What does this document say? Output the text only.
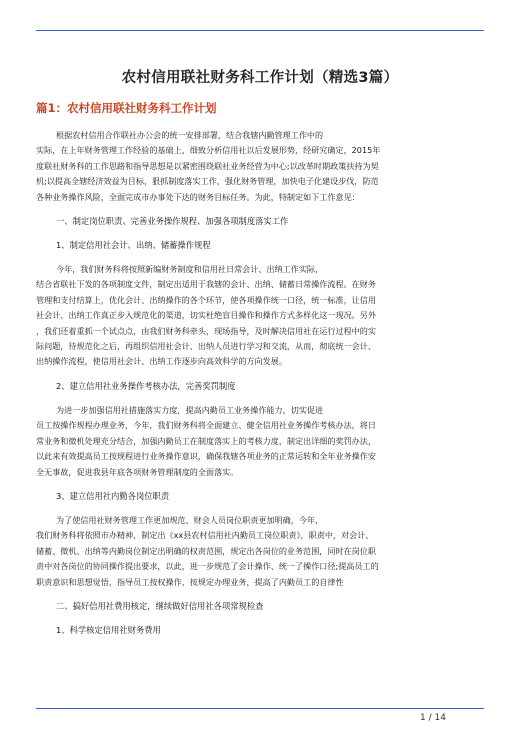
农村信用联社财务科工作计划（精选3篇）
篇1：农村信用联社财务科工作计划
根据农村信用合作联社办公会的统一安排部署，结合我辖内勤管理工作中的
实际，在上年财务管理工作经验的基础上，细致分析信用社以后发展形势，经研究确定，2015年
度联社财务科的工作思路和指导思想是以紧密围绕联社业务经营为中心;以改革时期政策扶持为契
机;以提高全辖经济效益为目标，狠抓制度落实工作，强化财务管理，加快电子化建设步伐，防范
各种业务操作风险，全面完成市办事处下达的财务目标任务。为此，特制定如下工作意见：
一、制定岗位职责、完善业务操作规程、加强各项制度落实工作
1、制定信用社会计、出纳、储蓄操作规程
今年，我们财务科将按照新编财务制度和信用社日常会计、出纳工作实际，
结合省联社下发的各项制度文件，制定出适用于我辖的会计、出纳、储蓄日常操作流程。在财务
管理和支付结算上，优化会计、出纳操作的各个环节，使各项操作统一口径，统一标准，让信用
社会计、出纳工作真正步入规范化的渠道，切实杜绝盲目操作和操作方式多样化这一现况。另外
，我们还着重抓一个试点点，由我们财务科牵头，现场指导，及时解决信用社在运行过程中的实
际问题，待规范化之后，再组织信用社会计、出纳人员进行学习和交流，从而，彻底统一会计、
出纳操作流程，使信用社会计、出纳工作逐步向高效科学的方向发展。
2、建立信用社业务操作考核办法，完善奖罚制度
为进一步加强信用社措施落实力度，提高内勤员工业务操作能力，切实促进
员工按操作规程办理业务，今年，我们财务科将全面建立、健全信用社业务操作考核办法，将日
常业务和微机处理充分结合，加强内勤员工在制度落实上的考核力度，制定出详细的奖罚办法，
以此来有效提高员工按规程进行业务操作意识，确保我辖各项业务的正常运转和全年业务操作安
全无事故，促进我县年底各项财务管理制度的全面落实。
3、建立信用社内勤各岗位职责
为了使信用社财务管理工作更加规范、财会人员岗位职责更加明确，今年，
我们财务科将依照市办精神，制定出《xx县农村信用社内勤员工岗位职责》，职责中，对会计、
储蓄、微机、出纳等内勤岗位制定出明确的权责范围，规定出各岗位的业务范围，同时在岗位职
责中对各岗位的协同操作提出要求，以此，进一步规范了会计操作、统一了操作口径;提高员工的
职责意识和思想觉悟，指导员工按权操作、按规定办理业务，提高了内勤员工的自律性
二、搞好信用社费用核定，继续做好信用社各项常规检查
1、科学核定信用社财务费用
1 / 14
